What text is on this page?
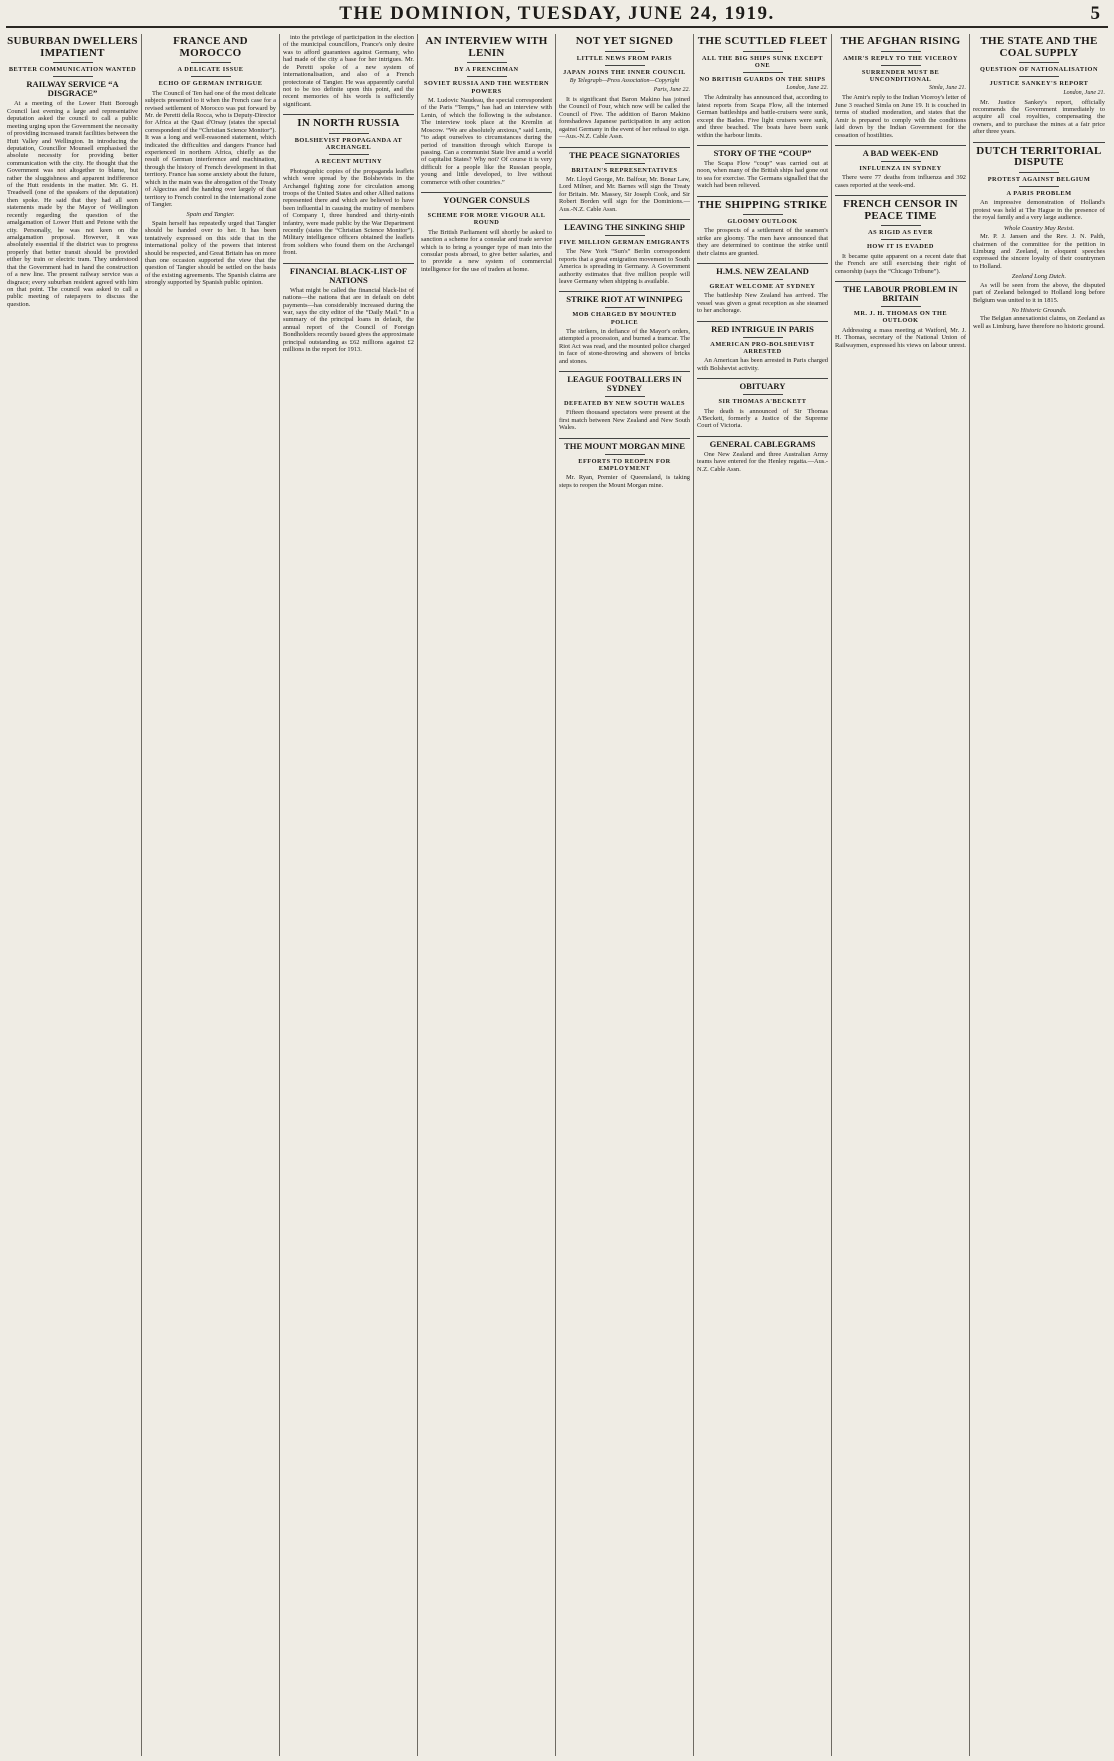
THE DOMINION, TUESDAY, JUNE 24, 1919.	5
SUBURBAN DWELLERS IMPATIENT
BETTER COMMUNICATION WANTED
RAILWAY SERVICE “A DISGRACE”

At a meeting of the Lower Hutt Borough Council last evening a large and representative deputation asked the council to call a public meeting urging upon the Government the necessity of providing increased transit facilities between the Hutt Valley and Wellington. In introducing the deputation, Councillor Mounsell emphasised the absolute necessity for providing better communication with the city. He thought that the Government was not altogether to blame, but rather the sluggishness and apparent indifference of the Hutt residents in the matter. Mr. G. H. Treadwell (one of the speakers of the deputation) then spoke. He said that they had all seen statements made by the Mayor of Wellington recently regarding the question of the amalgamation of Lower Hutt and Petone with the city. Personally, he was not keen on the amalgamation proposal. However, it was absolutely essential if the district was to progress properly that better transit should be provided either by train or electric tram. They understood that the Government had in hand the construction of a new line. The present railway service was a disgrace; every suburban resident agreed with him on that point. The council was asked to call a public meeting of ratepayers to discuss the question.

FRANCE AND MOROCCO
A DELICATE ISSUE
ECHO OF GERMAN INTRIGUE

The Council of Ten had one of the most delicate subjects presented to it when the French case for a revised settlement of Morocco was put forward by Mr. de Peretti della Rocca, who is Deputy-Director for Africa at the Quai d'Orsay (states the special correspondent of the “Christian Science Monitor”). It was a long and well-reasoned statement, which indicated the difficulties and dangers France had experienced in northern Africa, chiefly as the result of German interference and machination, through the history of French development in that territory. France has some anxiety about the future, which in the main was the abrogation of the Treaty of Algeciras and the handing over largely of that territory to French control in the international zone of Tangier.

Spain and Tangier.

Spain herself has repeatedly urged that Tangier should be handed over to her. It has been tentatively expressed on this side that in the international policy of the powers that interest should be respected, and Great Britain has on more than one occasion supported the view that the question of Tangier should be settled on the basis of the existing agreements. The Spanish claims are strongly supported by Spanish public opinion.

into the privilege of participation in the election of the municipal councillors, France's only desire was to afford guarantees against Germany, who had made of the city a base for her intrigues. Mr. de Peretti spoke of a new system of internationalisation, and also of a French protectorate of Tangier. He was apparently careful not to be too definite upon this point, and the recent memories of his words is sufficiently significant.

IN NORTH RUSSIA
BOLSHEVIST PROPAGANDA AT ARCHANGEL
A RECENT MUTINY

Photographic copies of the propaganda leaflets which were spread by the Bolshevists in the Archangel fighting zone for circulation among troops of the United States and other Allied nations represented there and which are believed to have been influential in causing the mutiny of members of Company I, three hundred and thirty-ninth infantry, were made public by the War Department recently (states the “Christian Science Monitor”). Military intelligence officers obtained the leaflets from soldiers who found them on the Archangel front.

FINANCIAL BLACK-LIST OF NATIONS

What might be called the financial black-list of nations—the nations that are in default on debt payments—has considerably increased during the war, says the city editor of the “Daily Mail.” In a summary of the principal loans in default, the annual report of the Council of Foreign Bondholders recently issued gives the approximate principal outstanding as £62 millions against £2 millions in the report for 1913.

AN INTERVIEW WITH LENIN
BY A FRENCHMAN
SOVIET RUSSIA AND THE WESTERN POWERS

M. Ludovic Naudeau, the special correspondent of the Paris “Temps,” has had an interview with Lenin, of which the following is the substance. The interview took place at the Kremlin at Moscow. “We are absolutely anxious,” said Lenin, “to adapt ourselves to circumstances during the period of transition through which Europe is passing. Can a communist State live amid a world of capitalist States? Why not? Of course it is very difficult for a people like the Russian people, young and little developed, to live without commerce with other countries.”

YOUNGER CONSULS
SCHEME FOR MORE VIGOUR ALL ROUND

The British Parliament will shortly be asked to sanction a scheme for a consular and trade service which is to bring a younger type of man into the consular posts abroad, to give better salaries, and to provide a new system of commercial intelligence for the use of traders at home.

NOT YET SIGNED
LITTLE NEWS FROM PARIS
JAPAN JOINS THE INNER COUNCIL
By Telegraph—Press Association—Copyright
Paris, June 22.

It is significant that Baron Makino has joined the Council of Four, which now will be called the Council of Five. The addition of Baron Makino foreshadows Japanese participation in any action against Germany in the event of her refusal to sign.—Aus.-N.Z. Cable Assn.

THE PEACE SIGNATORIES
BRITAIN'S REPRESENTATIVES

Mr. Lloyd George, Mr. Balfour, Mr. Bonar Law, Lord Milner, and Mr. Barnes will sign the Treaty for Britain. Mr. Massey, Sir Joseph Cook, and Sir Robert Borden will sign for the Dominions.—Aus.-N.Z. Cable Assn.

LEAVING THE SINKING SHIP
FIVE MILLION GERMAN EMIGRANTS

The New York “Sun's” Berlin correspondent reports that a great emigration movement to South America is spreading in Germany. A Government authority estimates that five million people will leave Germany when shipping is available.

STRIKE RIOT AT WINNIPEG
MOB CHARGED BY MOUNTED POLICE

The strikers, in defiance of the Mayor's orders, attempted a procession, and burned a tramcar. The Riot Act was read, and the mounted police charged in face of stone-throwing and showers of bricks and stones.

LEAGUE FOOTBALLERS IN SYDNEY
DEFEATED BY NEW SOUTH WALES

Fifteen thousand spectators were present at the first match between New Zealand and New South Wales.

THE MOUNT MORGAN MINE
EFFORTS TO REOPEN FOR EMPLOYMENT

Mr. Ryan, Premier of Queensland, is taking steps to reopen the Mount Morgan mine.

THE SCUTTLED FLEET
ALL THE BIG SHIPS SUNK EXCEPT ONE
NO BRITISH GUARDS ON THE SHIPS
London, June 22.

The Admiralty has announced that, according to latest reports from Scapa Flow, all the interned German battleships and battle-cruisers were sunk, except the Baden. Five light cruisers were sunk, and three beached. The boats have been sunk within the harbour limits.

STORY OF THE “COUP”

The Scapa Flow “coup” was carried out at noon, when many of the British ships had gone out to sea for exercise. The Germans signalled that the watch had been relieved.

THE SHIPPING STRIKE
GLOOMY OUTLOOK

The prospects of a settlement of the seamen's strike are gloomy. The men have announced that they are determined to continue the strike until their claims are granted.

H.M.S. NEW ZEALAND
GREAT WELCOME AT SYDNEY

The battleship New Zealand has arrived. The vessel was given a great reception as she steamed to her anchorage.

RED INTRIGUE IN PARIS
AMERICAN PRO-BOLSHEVIST ARRESTED

An American has been arrested in Paris charged with Bolshevist activity.

OBITUARY
SIR THOMAS A'BECKETT

The death is announced of Sir Thomas A'Beckett, formerly a Justice of the Supreme Court of Victoria.

GENERAL CABLEGRAMS

One New Zealand and three Australian Army teams have entered for the Henley regatta.—Aus.-N.Z. Cable Assn.

THE AFGHAN RISING
AMIR'S REPLY TO THE VICEROY
SURRENDER MUST BE UNCONDITIONAL
Simla, June 21.

The Amir's reply to the Indian Viceroy's letter of June 3 reached Simla on June 19. It is couched in terms of studied moderation, and states that the Amir is prepared to comply with the conditions laid down by the Indian Government for the cessation of hostilities.

A BAD WEEK-END
INFLUENZA IN SYDNEY

There were 77 deaths from influenza and 392 cases reported at the week-end.

FRENCH CENSOR IN PEACE TIME
AS RIGID AS EVER
HOW IT IS EVADED

It became quite apparent on a recent date that the French are still exercising their right of censorship (says the “Chicago Tribune”).

THE LABOUR PROBLEM IN BRITAIN
MR. J. H. THOMAS ON THE OUTLOOK

Addressing a mass meeting at Watford, Mr. J. H. Thomas, secretary of the National Union of Railwaymen, expressed his views on labour unrest.

THE STATE AND THE COAL SUPPLY
QUESTION OF NATIONALISATION
JUSTICE SANKEY'S REPORT
London, June 21.

Mr. Justice Sankey's report, officially recommends the Government immediately to acquire all coal royalties, compensating the owners, and to purchase the mines at a fair price after three years.

DUTCH TERRITORIAL DISPUTE
PROTEST AGAINST BELGIUM
A PARIS PROBLEM

An impressive demonstration of Holland's protest was held at The Hague in the presence of the royal family and a very large audience.

Whole Country May Resist.

Mr. P. J. Jansen and the Rev. J. N. Palth, chairmen of the committee for the petition in Limburg and Zeeland, in eloquent speeches expressed the sincere loyalty of their countrymen to Holland.

Zeeland Long Dutch.

As will be seen from the above, the disputed part of Zeeland belonged to Holland long before Belgium was united to it in 1815.

No Historic Grounds.

The Belgian annexationist claims, on Zeeland as well as Limburg, have therefore no historic ground.
